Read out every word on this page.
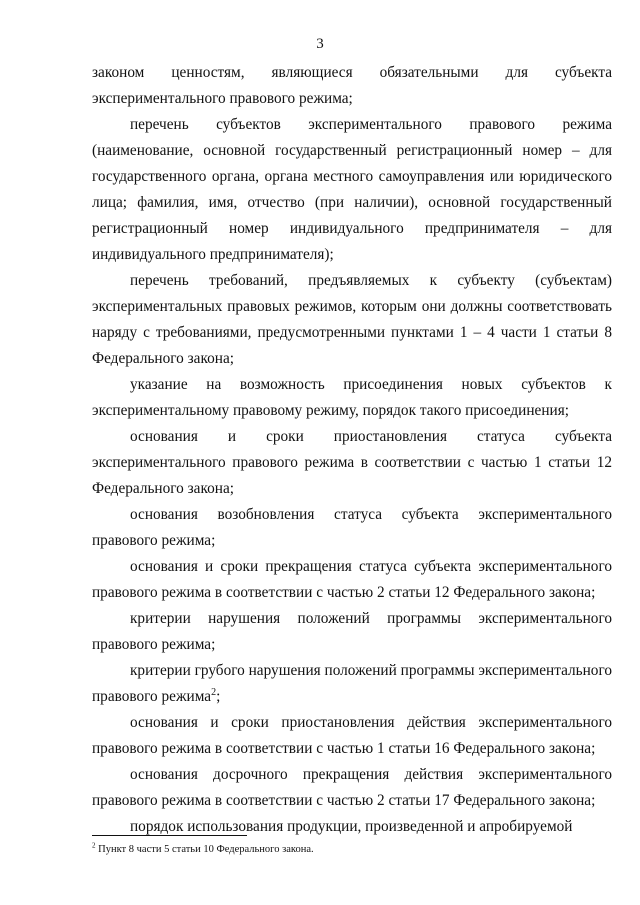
3

законом ценностям, являющиеся обязательными для субъекта экспериментального правового режима;

перечень субъектов экспериментального правового режима (наименование, основной государственный регистрационный номер – для государственного органа, органа местного самоуправления или юридического лица; фамилия, имя, отчество (при наличии), основной государственный регистрационный номер индивидуального предпринимателя – для индивидуального предпринимателя);

перечень требований, предъявляемых к субъекту (субъектам) экспериментальных правовых режимов, которым они должны соответствовать наряду с требованиями, предусмотренными пунктами 1 – 4 части 1 статьи 8 Федерального закона;

указание на возможность присоединения новых субъектов к экспериментальному правовому режиму, порядок такого присоединения;

основания и сроки приостановления статуса субъекта экспериментального правового режима в соответствии с частью 1 статьи 12 Федерального закона;

основания возобновления статуса субъекта экспериментального правового режима;

основания и сроки прекращения статуса субъекта экспериментального правового режима в соответствии с частью 2 статьи 12 Федерального закона;

критерии нарушения положений программы экспериментального правового режима;

критерии грубого нарушения положений программы экспериментального правового режима$^2$;

основания и сроки приостановления действия экспериментального правового режима в соответствии с частью 1 статьи 16 Федерального закона;

основания досрочного прекращения действия экспериментального правового режима в соответствии с частью 2 статьи 17 Федерального закона;

порядок использования продукции, произведенной и апробируемой

$^2$ Пункт 8 части 5 статьи 10 Федерального закона.
